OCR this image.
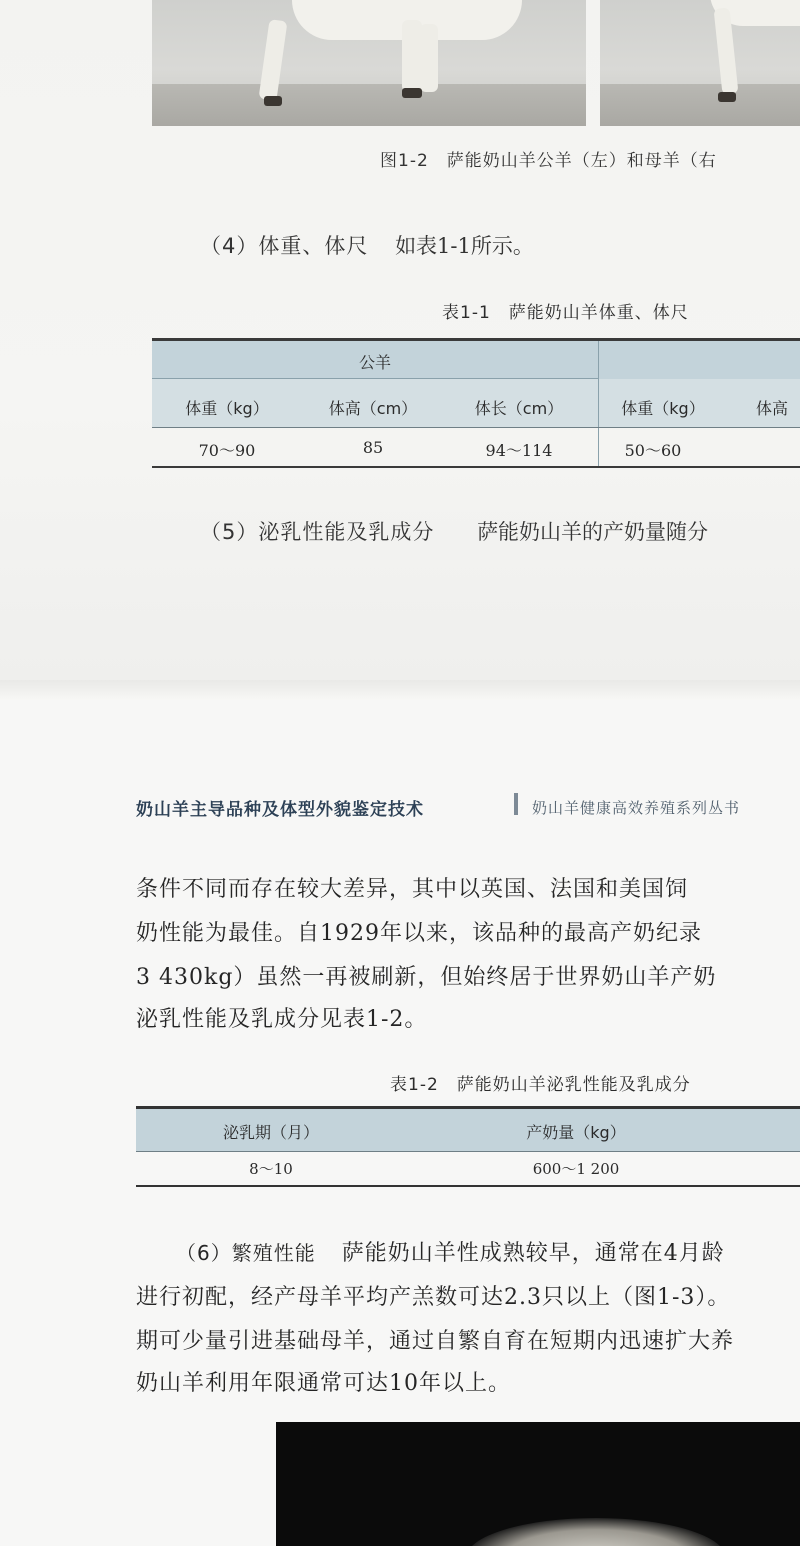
图1-2　萨能奶山羊公羊（左）和母羊（右
（4）体重、体尺 如表1-1所示。
表1-1　萨能奶山羊体重、体尺
公羊
体重（kg）	体高（cm）	体长（cm）	体重（kg）	体高
70～90	85	94～114	50～60
（5）泌乳性能及乳成分 萨能奶山羊的产奶量随分
奶山羊主导品种及体型外貌鉴定技术	奶山羊健康高效养殖系列丛书
条件不同而存在较大差异，其中以英国、法国和美国饲
奶性能为最佳。自1929年以来，该品种的最高产奶纪录
3 430kg）虽然一再被刷新，但始终居于世界奶山羊产奶
泌乳性能及乳成分见表1-2。
表1-2　萨能奶山羊泌乳性能及乳成分
泌乳期（月）	产奶量（kg）
8～10	600～1 200
（6）繁殖性能 萨能奶山羊性成熟较早，通常在4月龄
进行初配，经产母羊平均产羔数可达2.3只以上（图1-3）。
期可少量引进基础母羊，通过自繁自育在短期内迅速扩大养
奶山羊利用年限通常可达10年以上。
